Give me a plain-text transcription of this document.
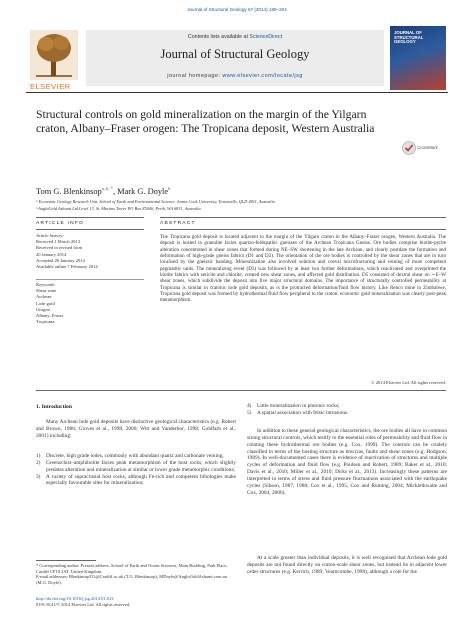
Journal of Structural Geology 67 (2014) 189–204
ELSEVIER
Contents lists available at ScienceDirect
Journal of Structural Geology
journal homepage: www.elsevier.com/locate/jsg
JOURNAL OF STRUCTURAL GEOLOGY
Structural controls on gold mineralization on the margin of the Yilgarn craton, Albany–Fraser orogen: The Tropicana deposit, Western Australia
CrossMark
Tom G. Blenkinsop$^{a, b, *}$, Mark G. Doyle$^b$
ᵃ Economic Geology Research Unit, School of Earth and Environmental Science, James Cook University, Townsville, QLD 4811, Australia
ᵇ AngloGold Ashanti Ltd Level 13, St. Martins Tower PO Box Z5046, Perth, WA 6831, Australia
ARTICLE INFO	ABSTRACT
Article history:
Received 1 March 2013
Received in revised form
20 January 2014
Accepted 26 January 2014
Available online 7 February 2014
Keywords:
Shear zone
Archean
Lode gold
Orogen
Albany–Fraser
Tropicana
The Tropicana gold deposit is located adjacent to the margin of the Yilgarn craton in the Albany–Fraser orogen, Western Australia. The deposit is hosted in granulite facies quartzo-feldspathic gneisses of the Archean Tropicana Gneiss. Ore bodies comprise biotite-pyrite alteration concentrated in shear zones that formed during NE–SW shortening in the late Archean, and clearly postdate the formation and deformation of high-grade gneiss fabrics (D1 and D2). The orientation of the ore bodies is controlled by the shear zones that are in turn localised by the gneissic banding. Mineralization also involved solution and coeval microfracturing and veining of more competent pegmatitic units. The mineralizing event (D3) was followed by at least two further deformations, which reactivated and overprinted the biotite fabrics with sericite and chlorite, created new shear zones, and affected gold distribution. D5 consisted of dextral shear on ∼E–W shear zones, which subdivide the deposit into five major structural domains. The importance of structurally controlled permeability at Tropicana is similar in cratonic lode gold deposits, as is the protracted deformation/fluid flow history. Like Renco mine in Zimbabwe, Tropicana gold deposit was formed by hydrothermal fluid flow peripheral to the craton: economic gold mineralization was clearly post-peak metamorphism.
© 2014 Elsevier Ltd. All rights reserved.
1. Introduction
Many Archean lode gold deposits have distinctive geological characteristics (e.g. Robert and Brown, 1986; Groves et al., 1998, 2000; Witt and Vanderhor, 1998; Goldfarb et al., 2001) including:
1)	Discrete, high grade lodes, commonly with abundant quartz and carbonate veining;
2)	Greenschist–amphibolite facies peak metamorphism of the host rocks, which slightly predates alteration and mineralization at similar or lower grade metamorphic conditions;
3)	A variety of supracrustal host rocks, although Fe-rich and competent lithologies make especially favourable sites for mineralization;
4)	Little mineralization in plutonic rocks;
5)	A spatial association with felsic intrusions.
In addition to these general geological characteristics, the ore bodies all have in common strong structural controls, which testify to the essential roles of permeability and fluid flow in creating these hydrothermal ore bodies (e.g. Cox, 1999). The controls can be crudely classified in terms of the hosting structure as breccias, faults and shear zones (e.g. Hodgson, 1989). In well-documented cases there is evidence of reactivation of structures and multiple cycles of deformation and fluid flow (e.g. Poulsen and Robert, 1989; Baker et al., 2010; Davis et al., 2010; Miller et al., 2010; Dirks et al., 2013). Increasingly these patterns are interpreted in terms of stress and fluid pressure fluctuations associated with the earthquake cycles (Sibson, 1987, 1988; Cox et al., 1995; Cox and Ruming, 2004; Micklethwaite and Cox, 2004, 2006).
At a scale greater than individual deposits, it is well recognised that Archean lode gold deposits are not found directly on craton-scale shear zones, but instead lie in adjacent lower order structures (e.g. Kerrich, 1989; Vearncombe, 1998), although a role for the
* Corresponding author. Present address: School of Earth and Ocean Sciences, Main Building, Park Place, Cardiff CF10 3AT, United Kingdom.
E-mail addresses: BlenkinsopTG@Cardiff.ac.uk (T.G. Blenkinsop), MDoyle@AngloGoldAshanti.com.au (M.G. Doyle).
http://dx.doi.org/10.1016/j.jsg.2014.01.013
0191-8141/© 2014 Elsevier Ltd. All rights reserved.
